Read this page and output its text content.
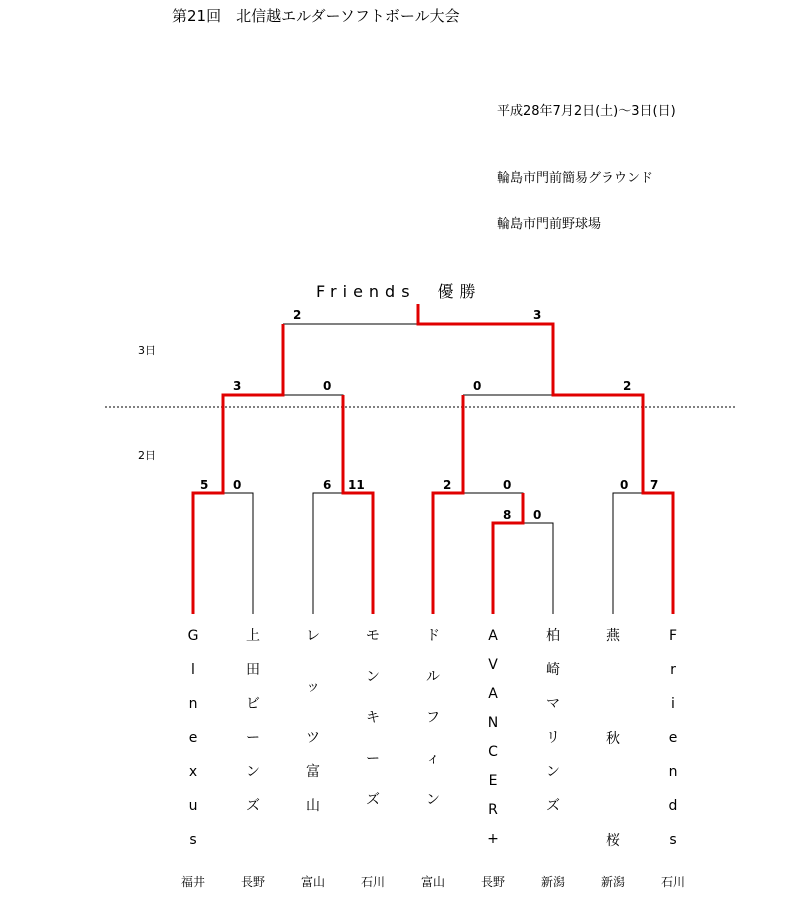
第21回　北信越エルダーソフトボール大会
平成28年7月2日(土)～3日(日)
輪島市門前簡易グラウンド
輪島市門前野球場
Friends　優勝
3日
2日
2	3
3	0	0	2
5 0	6 11	2	0	0 7
8 0
G
l
n
e
x
u
s
福井
上
田
ビ
ー
ン
ズ
長野
レ
ッ
ツ
富
山
富山
モ
ン
キ
ー
ズ
石川
ド
ル
フ
ィ
ン
富山
A
V
A
N
C
E
R
+
長野
柏
崎
マ
リ
ン
ズ
新潟
燕
秋
桜
新潟
F
r
i
e
n
d
s
石川
